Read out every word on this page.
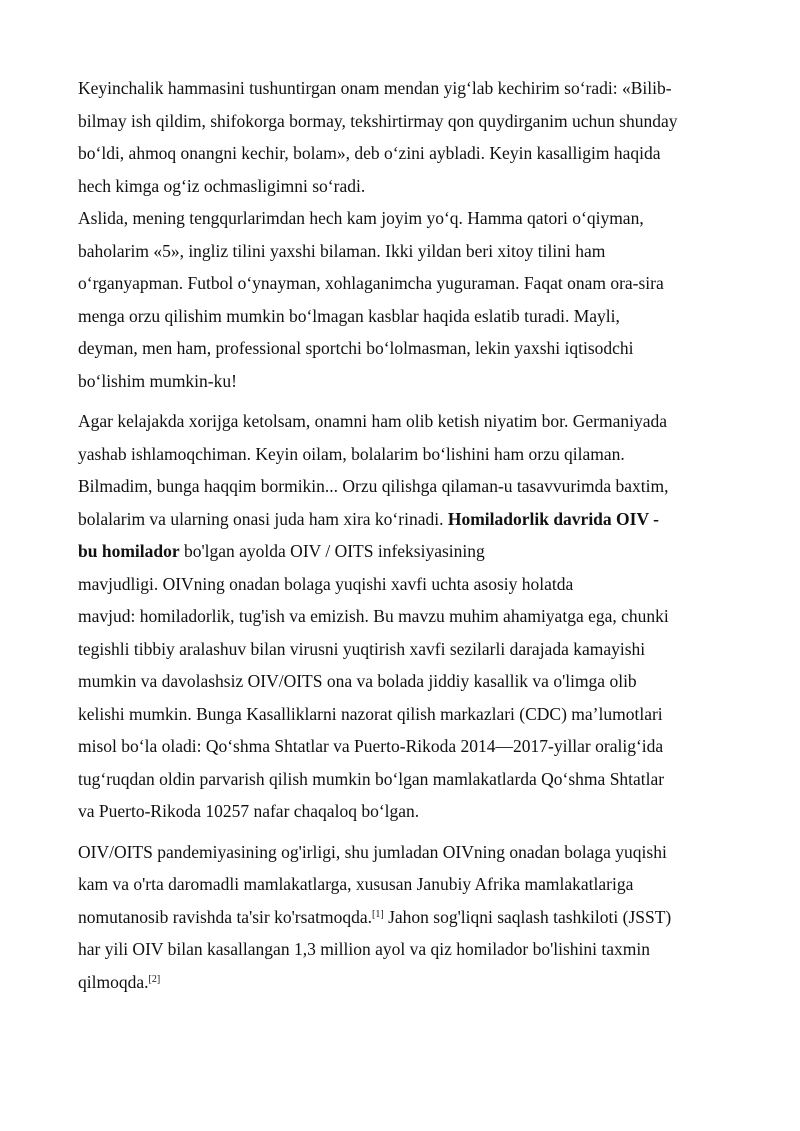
Keyinchalik hammasini tushuntirgan onam mendan yig‘lab kechirim so‘radi: «Bilib-
bilmay ish qildim, shifokorga bormay, tekshirtirmay qon quydirganim uchun shunday
bo‘ldi, ahmoq onangni kechir, bolam», deb o‘zini aybladi. Keyin kasalligim haqida
hech kimga og‘iz ochmasligimni so‘radi.

Aslida, mening tengqurlarimdan hech kam joyim yo‘q. Hamma qatori o‘qiyman,
baholarim «5», ingliz tilini yaxshi bilaman. Ikki yildan beri xitoy tilini ham
o‘rganyapman. Futbol o‘ynayman, xohlaganimcha yuguraman. Faqat onam ora-sira
menga orzu qilishim mumkin bo‘lmagan kasblar haqida eslatib turadi. Mayli,
deyman, men ham, professional sportchi bo‘lolmasman, lekin yaxshi iqtisodchi
bo‘lishim mumkin-ku!

Agar kelajakda xorijga ketolsam, onamni ham olib ketish niyatim bor. Germaniyada
yashab ishlamoqchiman. Keyin oilam, bolalarim bo‘lishini ham orzu qilaman.
Bilmadim, bunga haqqim bormikin... Orzu qilishga qilaman-u tasavvurimda baxtim,
bolalarim va ularning onasi juda ham xira ko‘rinadi. Homiladorlik davrida OIV -
bu homilador bo'lgan ayolda OIV / OITS infeksiyasining
mavjudligi. OIVning onadan bolaga yuqishi xavfi uchta asosiy holatda
mavjud: homiladorlik, tug'ish va emizish. Bu mavzu muhim ahamiyatga ega, chunki
tegishli tibbiy aralashuv bilan virusni yuqtirish xavfi sezilarli darajada kamayishi
mumkin va davolashsiz OIV/OITS ona va bolada jiddiy kasallik va o'limga olib
kelishi mumkin. Bunga Kasalliklarni nazorat qilish markazlari (CDC) ma’lumotlari
misol bo‘la oladi: Qo‘shma Shtatlar va Puerto-Rikoda 2014—2017-yillar oralig‘ida
tug‘ruqdan oldin parvarish qilish mumkin bo‘lgan mamlakatlarda Qo‘shma Shtatlar
va Puerto-Rikoda 10257 nafar chaqaloq bo‘lgan.

OIV/OITS pandemiyasining og'irligi, shu jumladan OIVning onadan bolaga yuqishi
kam va o'rta daromadli mamlakatlarga, xususan Janubiy Afrika mamlakatlariga
nomutanosib ravishda ta'sir ko'rsatmoqda.[1] Jahon sog'liqni saqlash tashkiloti (JSST)
har yili OIV bilan kasallangan 1,3 million ayol va qiz homilador bo'lishini taxmin
qilmoqda.[2]
